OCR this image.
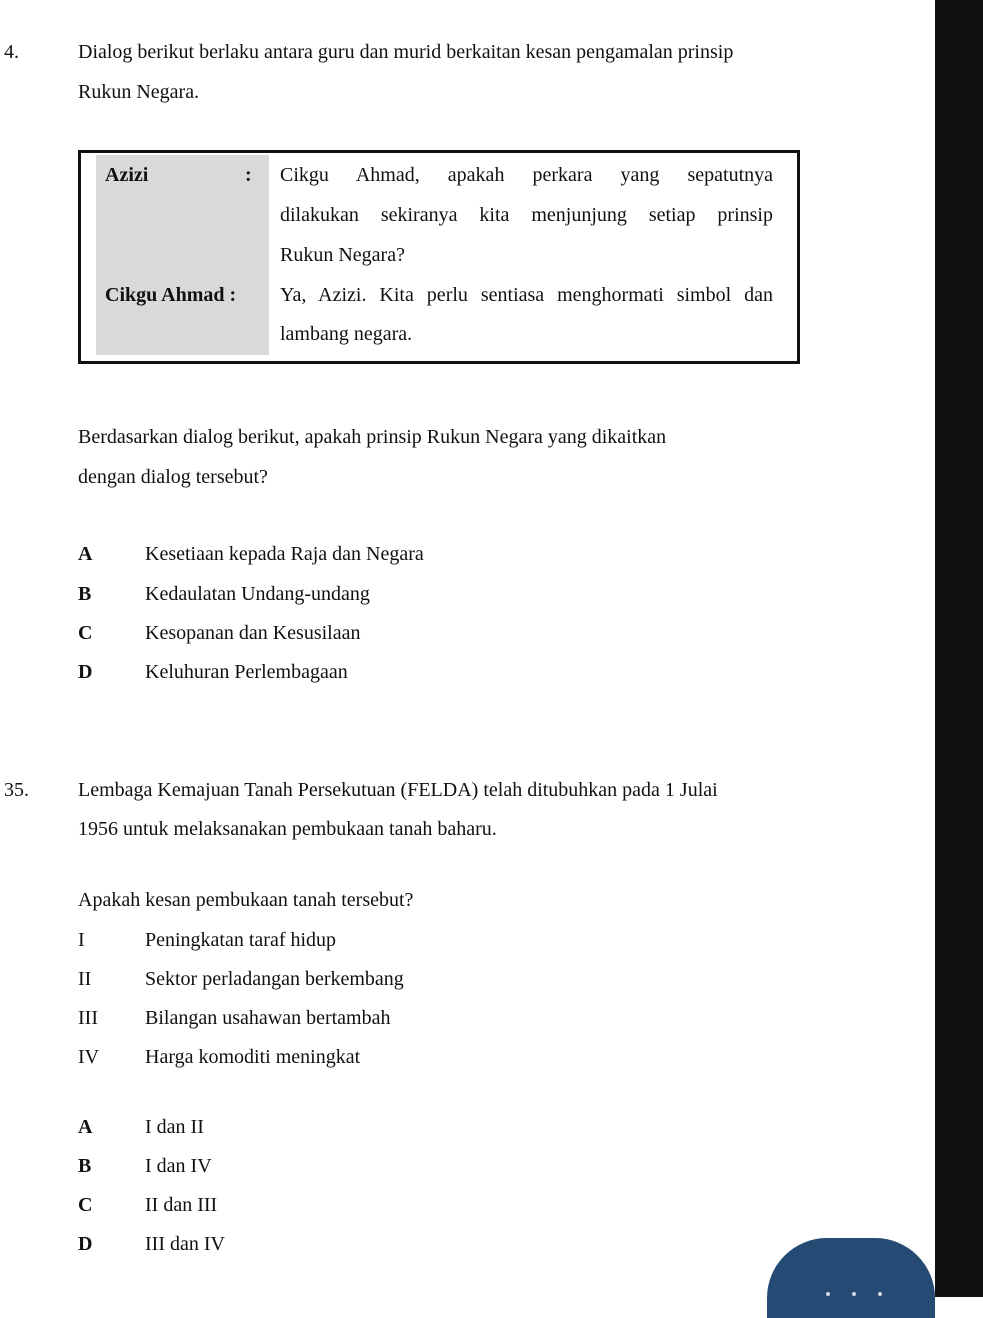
4.	Dialog berikut berlaku antara guru dan murid berkaitan kesan pengamalan prinsip
Rukun Negara.
Azizi	: Cikgu Ahmad, apakah perkara yang sepatutnya
dilakukan sekiranya kita menjunjung setiap prinsip
Rukun Negara?
Cikgu Ahmad : Ya, Azizi. Kita perlu sentiasa menghormati simbol dan
lambang negara.
Berdasarkan dialog berikut, apakah prinsip Rukun Negara yang dikaitkan
dengan dialog tersebut?
A	Kesetiaan kepada Raja dan Negara
B	Kedaulatan Undang-undang
C	Kesopanan dan Kesusilaan
D	Keluhuran Perlembagaan
35. Lembaga Kemajuan Tanah Persekutuan (FELDA) telah ditubuhkan pada 1 Julai
1956 untuk melaksanakan pembukaan tanah baharu.
Apakah kesan pembukaan tanah tersebut?
I	Peningkatan taraf hidup
II	Sektor perladangan berkembang
III Bilangan usahawan bertambah
IV Harga komoditi meningkat
A	I dan II
B	I dan IV
C	II dan III
D	III dan IV
